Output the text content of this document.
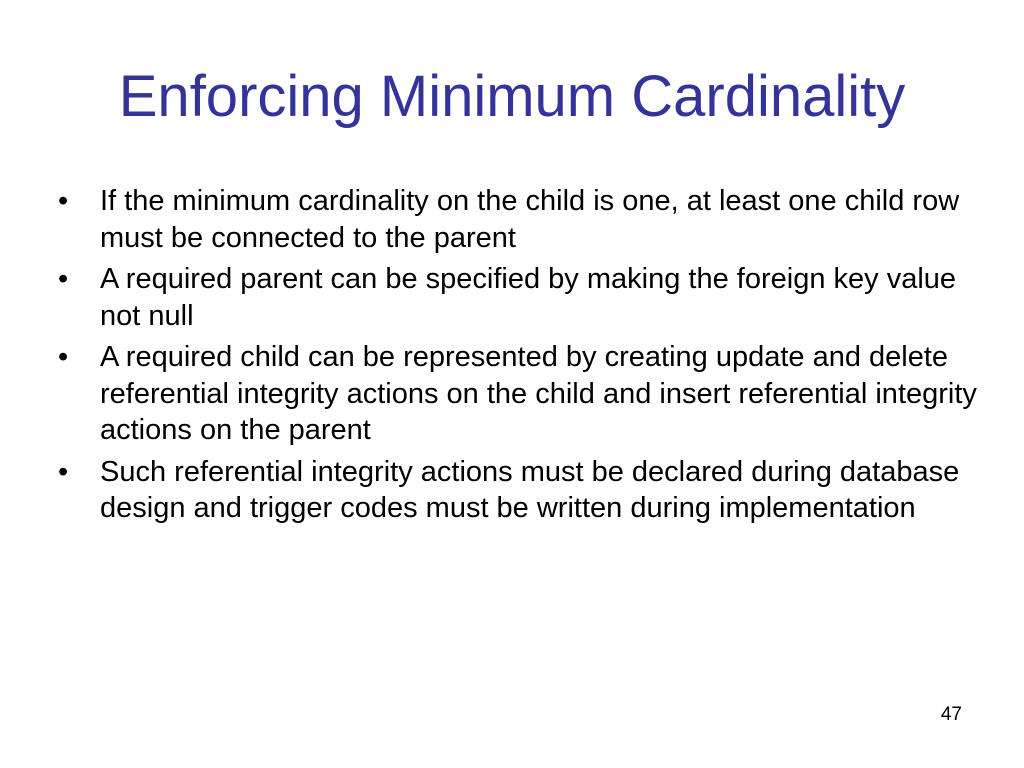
Enforcing Minimum Cardinality
•	If the minimum cardinality on the child is one, at least one child row must be connected to the parent
•	A required parent can be specified by making the foreign key value not null
•	A required child can be represented by creating update and delete referential integrity actions on the child and insert referential integrity actions on the parent
•	Such referential integrity actions must be declared during database design and trigger codes must be written during implementation
47
